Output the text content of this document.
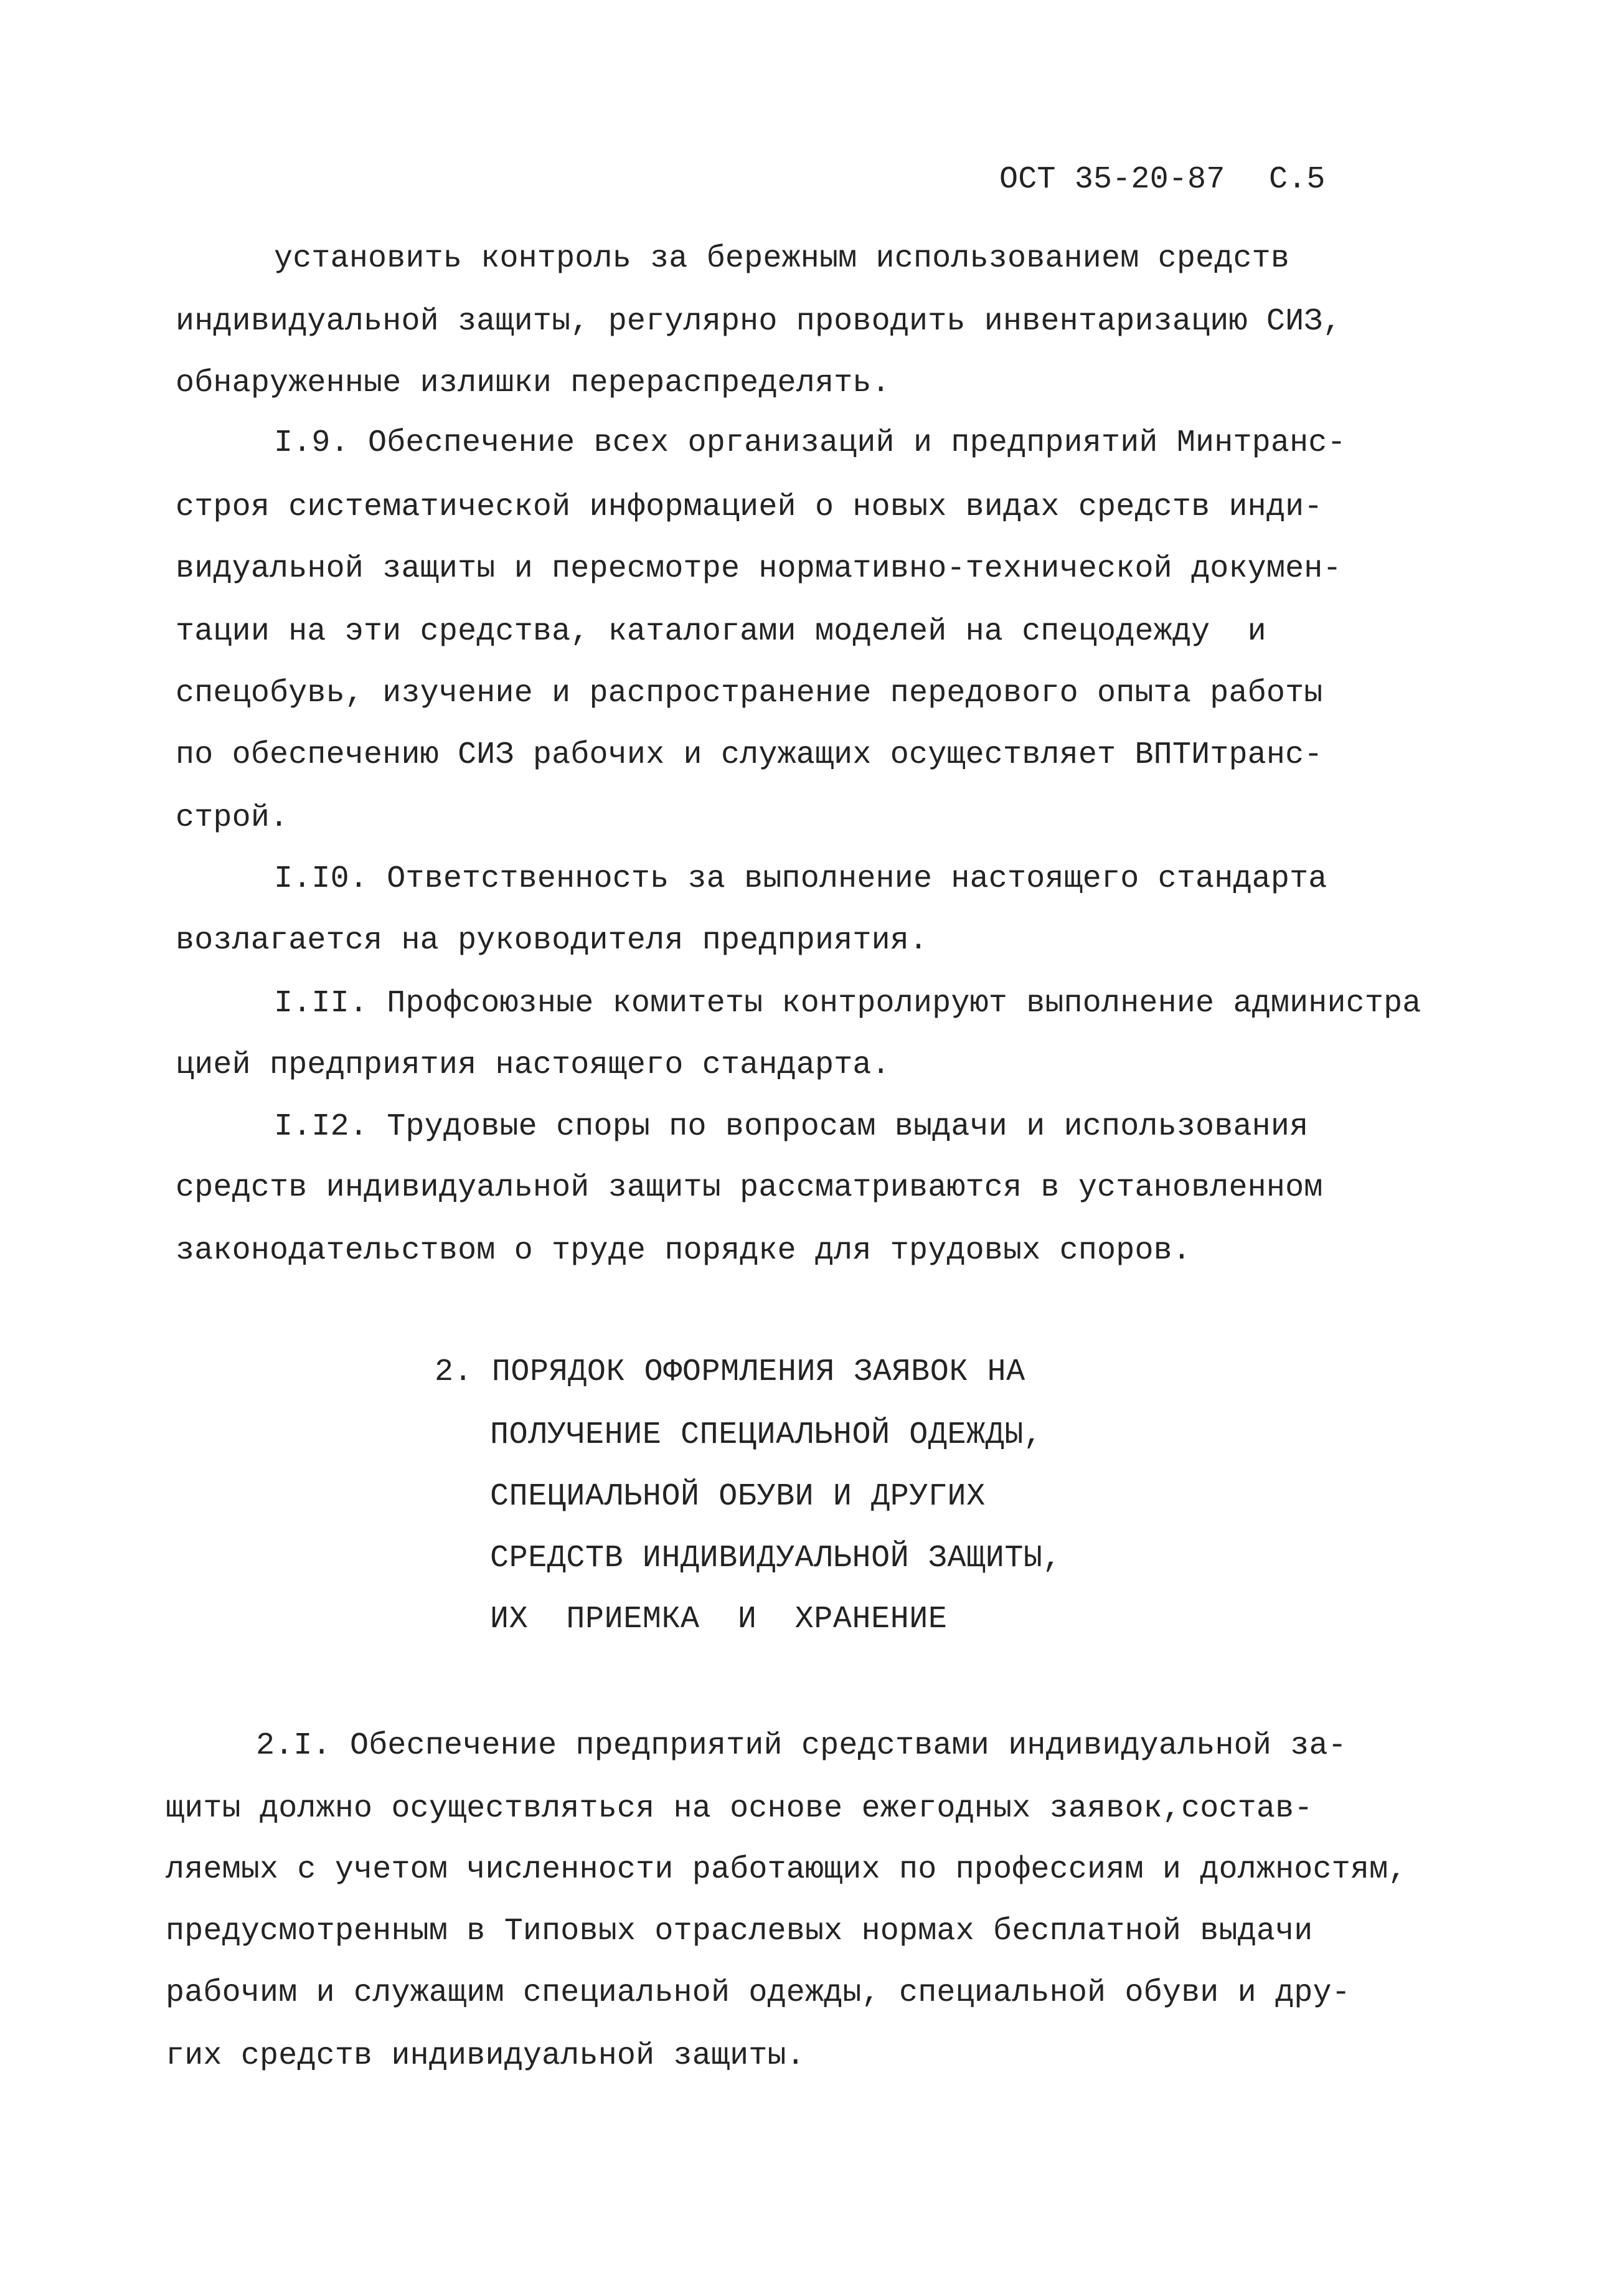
ОСТ 35-20-87 С.5
установить контроль за бережным использованием средств
индивидуальной защиты, регулярно проводить инвентаризацию СИЗ,
обнаруженные излишки перераспределять.
I.9. Обеспечение всех организаций и предприятий Минтранс-
строя систематической информацией о новых видах средств инди-
видуальной защиты и пересмотре нормативно-технической докумен-
тации на эти средства, каталогами моделей на спецодежду  и
спецобувь, изучение и распространение передового опыта работы
по обеспечению СИЗ рабочих и служащих осуществляет ВПТИтранс-
строй.
I.I0. Ответственность за выполнение настоящего стандарта
возлагается на руководителя предприятия.
I.II. Профсоюзные комитеты контролируют выполнение администра
цией предприятия настоящего стандарта.
I.I2. Трудовые споры по вопросам выдачи и использования
средств индивидуальной защиты рассматриваются в установленном
законодательством о труде порядке для трудовых споров.
2. ПОРЯДОК ОФОРМЛЕНИЯ ЗАЯВОК НА
ПОЛУЧЕНИЕ СПЕЦИАЛЬНОЙ ОДЕЖДЫ,
СПЕЦИАЛЬНОЙ ОБУВИ И ДРУГИХ
СРЕДСТВ ИНДИВИДУАЛЬНОЙ ЗАЩИТЫ,
ИХ  ПРИЕМКА  И  ХРАНЕНИЕ
2.I. Обеспечение предприятий средствами индивидуальной за-
щиты должно осуществляться на основе ежегодных заявок,состав-
ляемых с учетом численности работающих по профессиям и должностям,
предусмотренным в Типовых отраслевых нормах бесплатной выдачи
рабочим и служащим специальной одежды, специальной обуви и дру-
гих средств индивидуальной защиты.
